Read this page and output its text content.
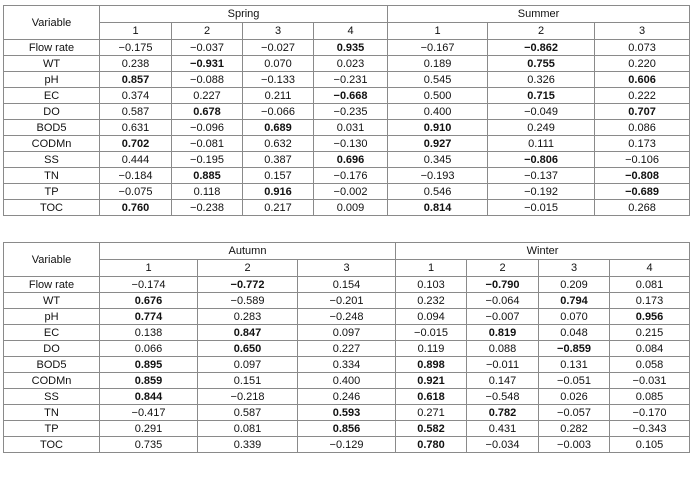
Variable	Spring				Summer		
	1	2	3	4	1	2	3
Flow rate	−0.175	−0.037	−0.027	0.935	−0.167	−0.862	0.073
WT	0.238	−0.931	0.070	0.023	0.189	0.755	0.220
pH	0.857	−0.088	−0.133	−0.231	0.545	0.326	0.606
EC	0.374	0.227	0.211	−0.668	0.500	0.715	0.222
DO	0.587	0.678	−0.066	−0.235	0.400	−0.049	0.707
BOD5	0.631	−0.096	0.689	0.031	0.910	0.249	0.086
CODMn	0.702	−0.081	0.632	−0.130	0.927	0.111	0.173
SS	0.444	−0.195	0.387	0.696	0.345	−0.806	−0.106
TN	−0.184	0.885	0.157	−0.176	−0.193	−0.137	−0.808
TP	−0.075	0.118	0.916	−0.002	0.546	−0.192	−0.689
TOC	0.760	−0.238	0.217	0.009	0.814	−0.015	0.268
Variable	Autumn			Winter			
	1	2	3	1	2	3	4
Flow rate	−0.174	−0.772	0.154	0.103	−0.790	0.209	0.081
WT	0.676	−0.589	−0.201	0.232	−0.064	0.794	0.173
pH	0.774	0.283	−0.248	0.094	−0.007	0.070	0.956
EC	0.138	0.847	0.097	−0.015	0.819	0.048	0.215
DO	0.066	0.650	0.227	0.119	0.088	−0.859	0.084
BOD5	0.895	0.097	0.334	0.898	−0.011	0.131	0.058
CODMn	0.859	0.151	0.400	0.921	0.147	−0.051	−0.031
SS	0.844	−0.218	0.246	0.618	−0.548	0.026	0.085
TN	−0.417	0.587	0.593	0.271	0.782	−0.057	−0.170
TP	0.291	0.081	0.856	0.582	0.431	0.282	−0.343
TOC	0.735	0.339	−0.129	0.780	−0.034	−0.003	0.105
